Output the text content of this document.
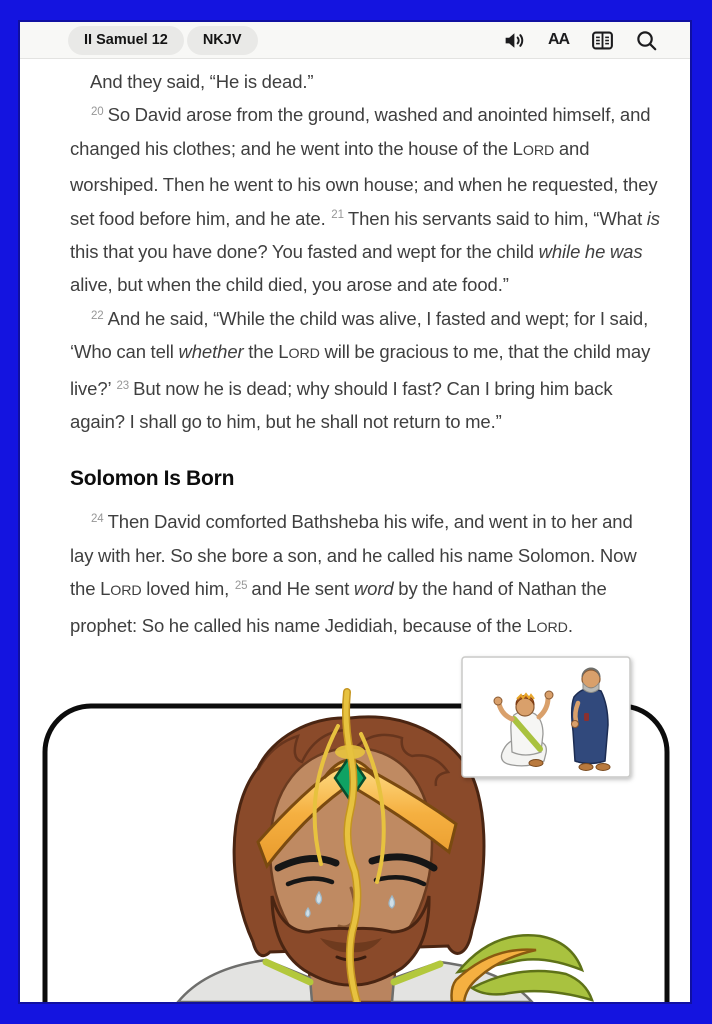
II Samuel 12	NKJV	AA

And they said, “He is dead.”

$^{20}$ So David arose from the ground, washed and anointed himself, and changed his clothes; and he went into the house of the LORD and worshiped. Then he went to his own house; and when he requested, they set food before him, and he ate. $^{21}$ Then his servants said to him, “What is this that you have done? You fasted and wept for the child while he was alive, but when the child died, you arose and ate food.”

$^{22}$ And he said, “While the child was alive, I fasted and wept; for I said, ‘Who can tell whether the LORD will be gracious to me, that the child may live?’ $^{23}$ But now he is dead; why should I fast? Can I bring him back again? I shall go to him, but he shall not return to me.”

Solomon Is Born

$^{24}$ Then David comforted Bathsheba his wife, and went in to her and lay with her. So she bore a son, and he called his name Solomon. Now the LORD loved him, $^{25}$ and He sent word by the hand of Nathan the prophet: So he called his name Jedidiah, because of the LORD.
